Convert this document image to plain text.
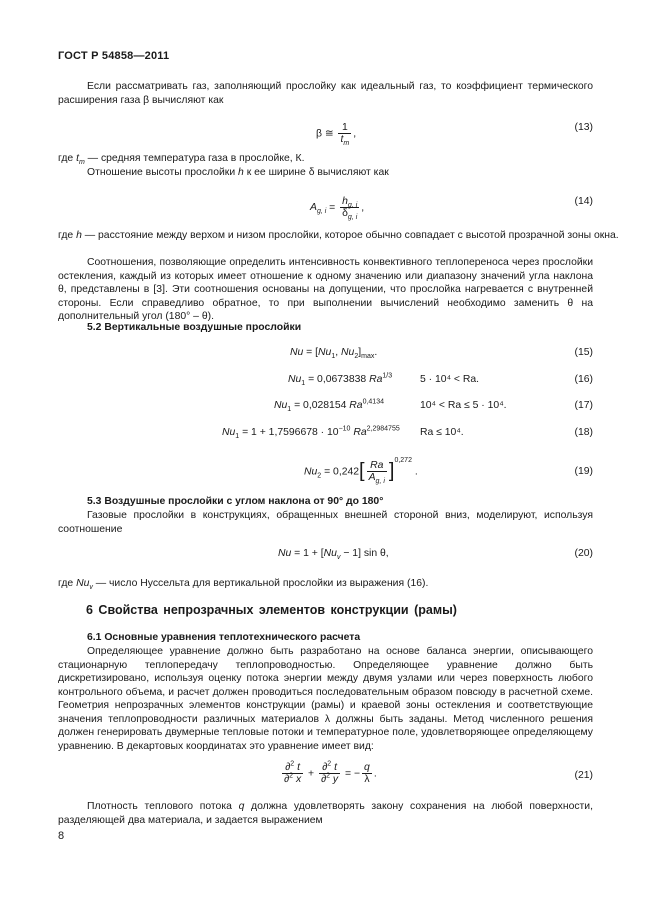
ГОСТ Р 54858—2011
Если рассматривать газ, заполняющий прослойку как идеальный газ, то коэффициент термического расширения газа β вычисляют как
β ≅ $\frac{1}{t_m}$ ,
(13)
где $t_m$ — средняя температура газа в прослойке, К.
Отношение высоты прослойки h к ее ширине δ вычисляют как
$A_{g, i} = \frac{h_{g, i}}{\delta_{g, i}}$ ,
(14)
где h — расстояние между верхом и низом прослойки, которое обычно совпадает с высотой прозрачной зоны окна.
Соотношения, позволяющие определить интенсивность конвективного теплопереноса через прослойки остекления, каждый из которых имеет отношение к одному значению или диапазону значений угла наклона θ, представлены в [3]. Эти соотношения основаны на допущении, что прослойка нагревается с внутренней стороны. Если справедливо обратное, то при выполнении вычислений необходимо заменить θ на дополнительный угол (180° – θ).
5.2 Вертикальные воздушные прослойки
$Nu = [Nu_1$, $Nu_2]_{max}$.	(15)
$Nu_1 = 0,0673838$ $Ra^{1/3}$	5 · 10⁴ < Ra.	(16)
$Nu_1 = 0,028154$ $Ra^{0,4134}$	10⁴ < Ra ≤ 5 · 10⁴.	(17)
$Nu_1 = 1 + 1,7596678 \cdot 10^{-10}$ $Ra^{2,2984755}$ Ra ≤ 10⁴.	(18)
$Nu_2 = 0,242[ \frac{Ra}{A_{g, i}} ]^{0,272}$ .	(19)
5.3 Воздушные прослойки с углом наклона от 90° до 180°
Газовые прослойки в конструкциях, обращенных внешней стороной вниз, моделируют, используя соотношение
$Nu = 1 + [Nu_v - 1]$ sin θ,	(20)
где $Nu_v$ — число Нуссельта для вертикальной прослойки из выражения (16).
6 Свойства непрозрачных элементов конструкции (рамы)
6.1 Основные уравнения теплотехнического расчета
Определяющее уравнение должно быть разработано на основе баланса энергии, описывающего стационарную теплопередачу теплопроводностью. Определяющее уравнение должно быть дискретизировано, используя оценку потока энергии между двумя узлами или через поверхность любого контрольного объема, и расчет должен проводиться последовательным образом повсюду в расчетной схеме. Геометрия непрозрачных элементов конструкции (рамы) и краевой зоны остекления и соответствующие значения теплопроводности различных материалов λ должны быть заданы. Метод численного решения должен генерировать двумерные тепловые потоки и температурное поле, удовлетворяющее определяющему уравнению. В декартовых координатах это уравнение имеет вид:
$\frac{\partial^2 t}{\partial^2 x} + \frac{\partial^2 t}{\partial^2 y}$ = − $\frac{q}{\lambda}$ .	(21)
Плотность теплового потока q должна удовлетворять закону сохранения на любой поверхности, разделяющей два материала, и задается выражением
8
